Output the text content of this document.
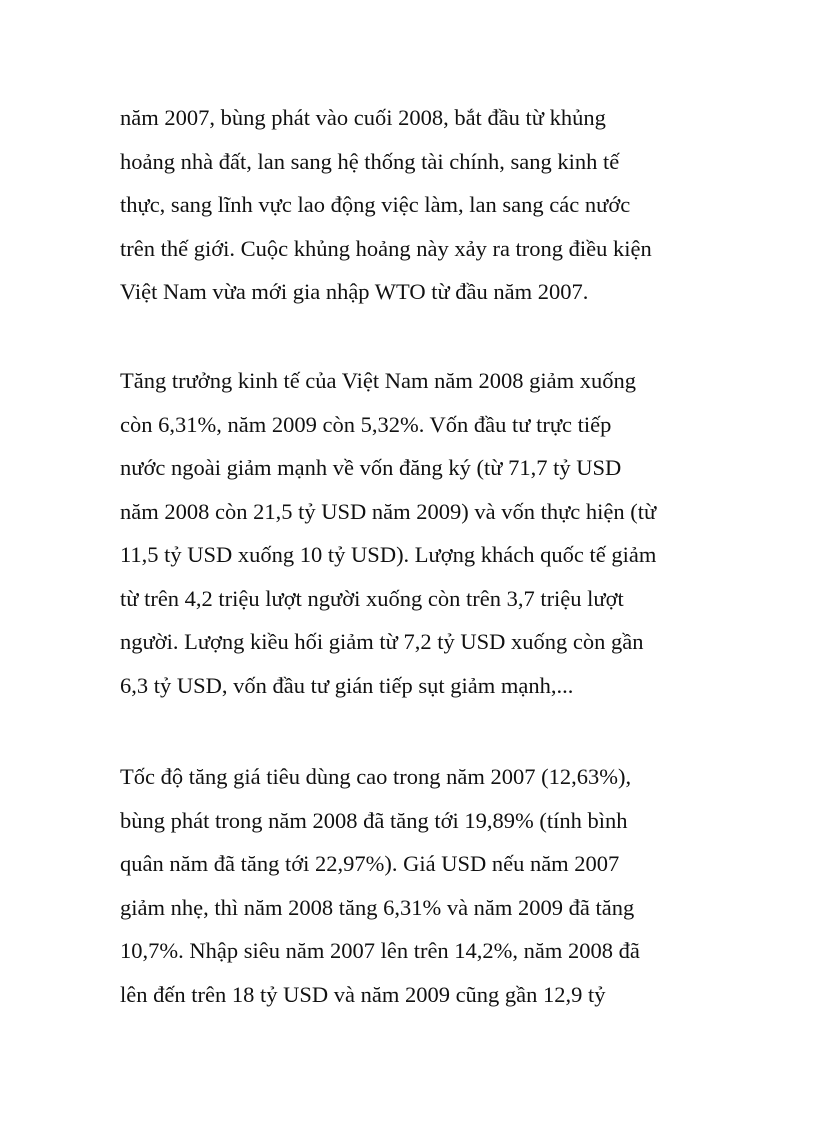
năm 2007, bùng phát vào cuối 2008, bắt đầu từ khủng
hoảng nhà đất, lan sang hệ thống tài chính, sang kinh tế
thực, sang lĩnh vực lao động việc làm, lan sang các nước
trên thế giới. Cuộc khủng hoảng này xảy ra trong điều kiện
Việt Nam vừa mới gia nhập WTO từ đầu năm 2007.
Tăng trưởng kinh tế của Việt Nam năm 2008 giảm xuống
còn 6,31%, năm 2009 còn 5,32%. Vốn đầu tư trực tiếp
nước ngoài giảm mạnh về vốn đăng ký (từ 71,7 tỷ USD
năm 2008 còn 21,5 tỷ USD năm 2009) và vốn thực hiện (từ
11,5 tỷ USD xuống 10 tỷ USD). Lượng khách quốc tế giảm
từ trên 4,2 triệu lượt người xuống còn trên 3,7 triệu lượt
người. Lượng kiều hối giảm từ 7,2 tỷ USD xuống còn gần
6,3 tỷ USD, vốn đầu tư gián tiếp sụt giảm mạnh,...
Tốc độ tăng giá tiêu dùng cao trong năm 2007 (12,63%),
bùng phát trong năm 2008 đã tăng tới 19,89% (tính bình
quân năm đã tăng tới 22,97%). Giá USD nếu năm 2007
giảm nhẹ, thì năm 2008 tăng 6,31% và năm 2009 đã tăng
10,7%. Nhập siêu năm 2007 lên trên 14,2%, năm 2008 đã
lên đến trên 18 tỷ USD và năm 2009 cũng gần 12,9 tỷ
